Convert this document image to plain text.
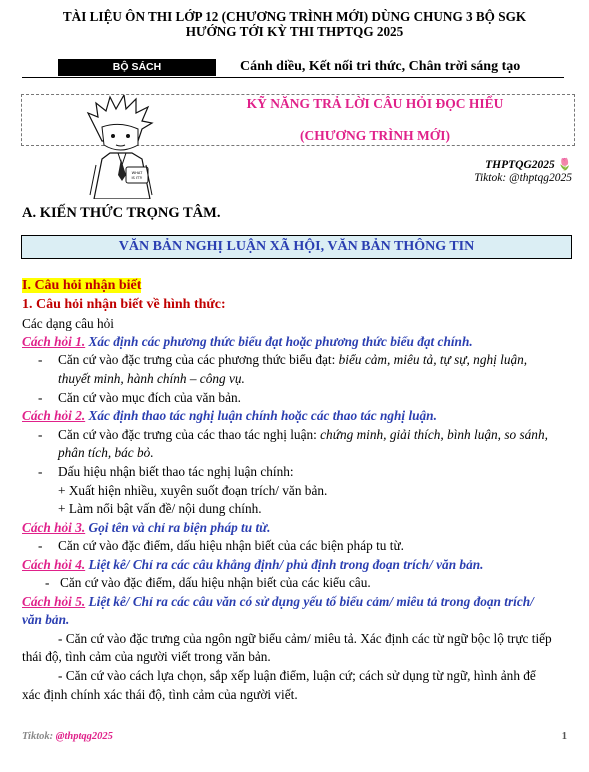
TÀI LIỆU ÔN THI LỚP 12 (CHƯƠNG TRÌNH MỚI) DÙNG CHUNG 3 BỘ SGK
HƯỚNG TỚI KỲ THI THPTQG 2025
BỘ SÁCH	Cánh diều, Kết nối tri thức, Chân trời sáng tạo
WHAT
IS IT?!
KỸ NĂNG TRẢ LỜI CÂU HỎI ĐỌC HIỂU
(CHƯƠNG TRÌNH MỚI)
THPTQG2025 🌷
Tiktok: @thptqg2025
A. KIẾN THỨC TRỌNG TÂM.
VĂN BẢN NGHỊ LUẬN XÃ HỘI, VĂN BẢN THÔNG TIN
I. Câu hỏi nhận biết
1. Câu hỏi nhận biết về hình thức:
Các dạng câu hỏi
Cách hỏi 1. Xác định các phương thức biểu đạt hoặc phương thức biểu đạt chính.
- Căn cứ vào đặc trưng của các phương thức biểu đạt: biểu cảm, miêu tả, tự sự, nghị luận,
thuyết minh, hành chính – công vụ.
- Căn cứ vào mục đích của văn bản.
Cách hỏi 2. Xác định thao tác nghị luận chính hoặc các thao tác nghị luận.
- Căn cứ vào đặc trưng của các thao tác nghị luận: chứng minh, giải thích, bình luận, so sánh,
phân tích, bác bỏ.
- Dấu hiệu nhận biết thao tác nghị luận chính:
+ Xuất hiện nhiều, xuyên suốt đoạn trích/ văn bản.
+ Làm nổi bật vấn đề/ nội dung chính.
Cách hỏi 3. Gọi tên và chỉ ra biện pháp tu từ.
- Căn cứ vào đặc điểm, dấu hiệu nhận biết của các biện pháp tu từ.
Cách hỏi 4. Liệt kê/ Chỉ ra các câu khẳng định/ phủ định trong đoạn trích/ văn bản.
- Căn cứ vào đặc điểm, dấu hiệu nhận biết của các kiểu câu.
Cách hỏi 5. Liệt kê/ Chỉ ra các câu văn có sử dụng yếu tố biểu cảm/ miêu tả trong đoạn trích/
văn bản.
- Căn cứ vào đặc trưng của ngôn ngữ biểu cảm/ miêu tả. Xác định các từ ngữ bộc lộ trực tiếp
thái độ, tình cảm của người viết trong văn bản.
- Căn cứ vào cách lựa chọn, sắp xếp luận điểm, luận cứ; cách sử dụng từ ngữ, hình ảnh để
xác định chính xác thái độ, tình cảm của người viết.
Tiktok: @thptqg2025	1
